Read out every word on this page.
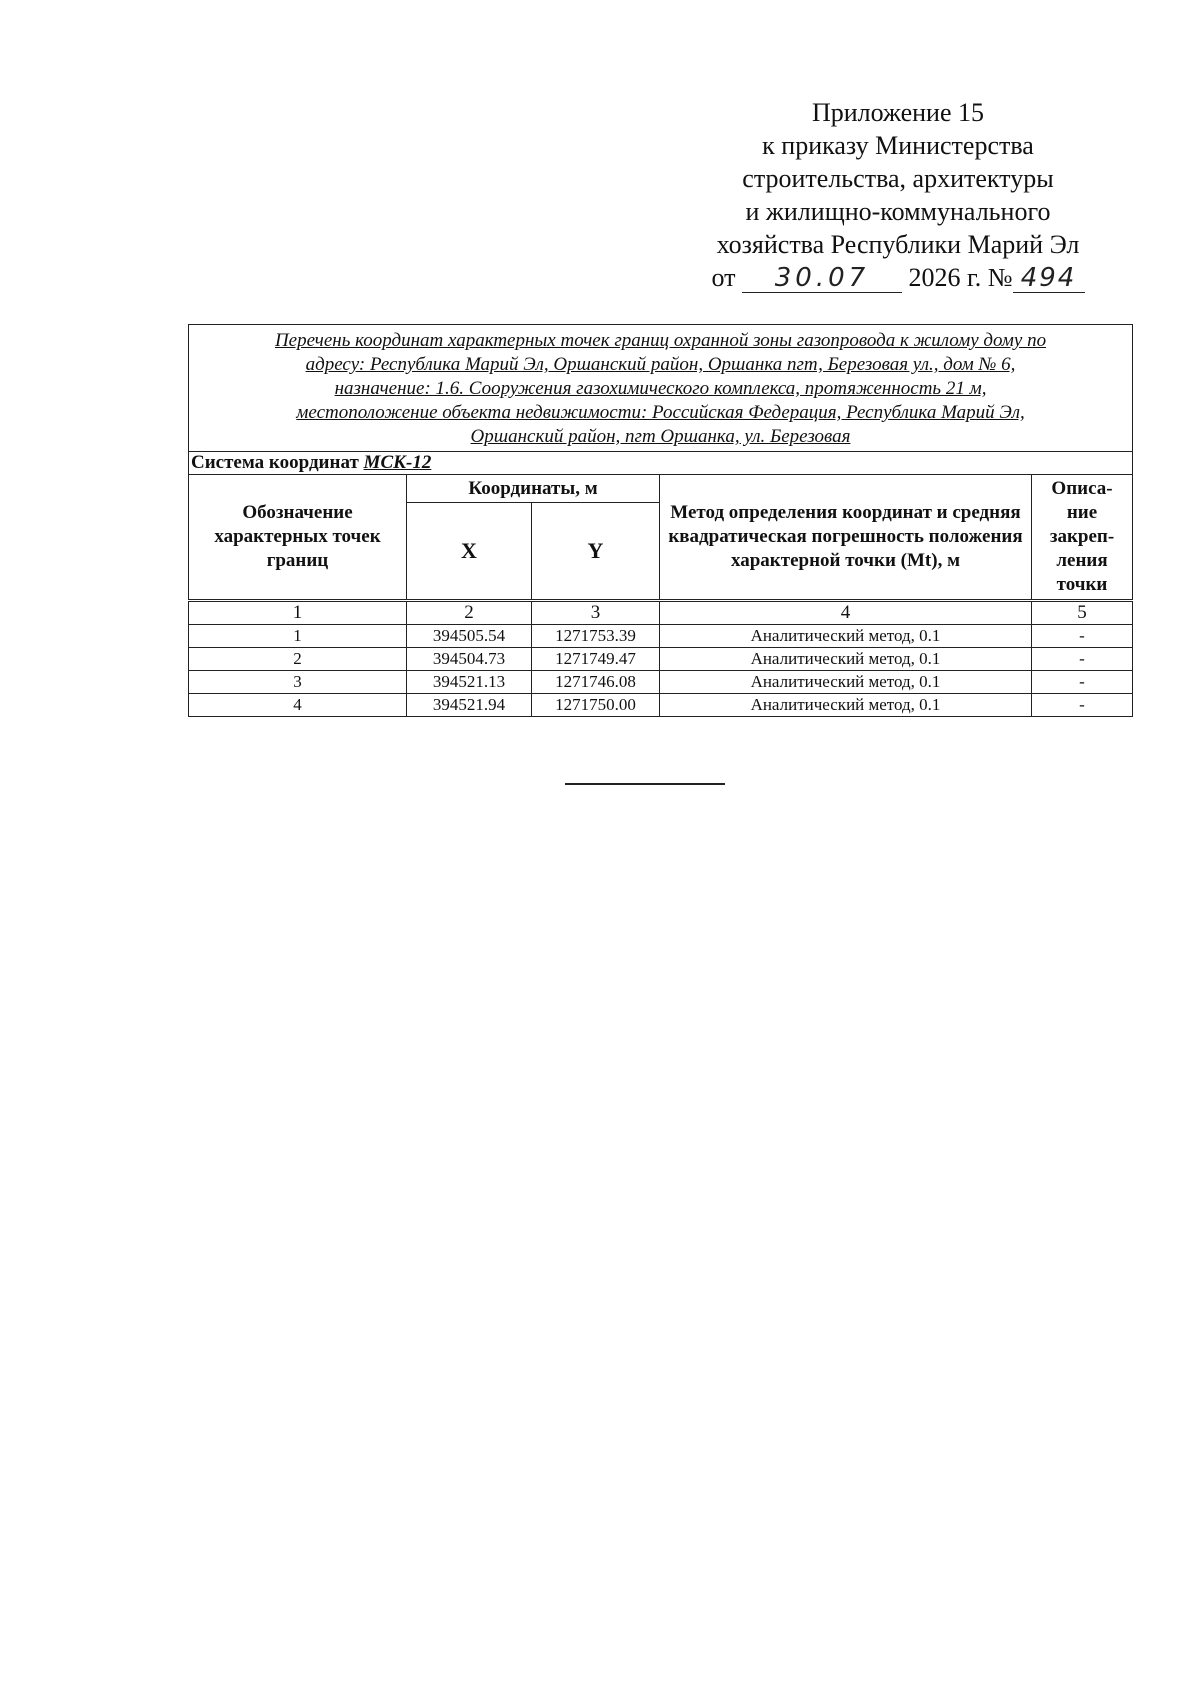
Приложение 15
к приказу Министерства
строительства, архитектуры
и жилищно-коммунального
хозяйства Республики Марий Эл
от 30.07 2026 г. № 494
Перечень координат характерных точек границ охранной зоны газопровода к жилому дому по
адресу: Республика Марий Эл, Оршанский район, Оршанка пгт, Березовая ул., дом № 6,
назначение: 1.6. Сооружения газохимического комплекса, протяженность 21 м,
местоположение объекта недвижимости: Российская Федерация, Республика Марий Эл,
Оршанский район, пгт Оршанка, ул. Березовая				

Система координат МСК-12				
Обозначение характерных точек границ	Координаты, м		Метод определения координат и средняя квадратическая погрешность положения характерной точки (Mt), м	Описа-
ние
закреп-
ления
точки

	X	Y		
1	2	3	4	5
1	394505.54	1271753.39	Аналитический метод, 0.1	-
2	394504.73	1271749.47	Аналитический метод, 0.1	-
3	394521.13	1271746.08	Аналитический метод, 0.1	-
4	394521.94	1271750.00	Аналитический метод, 0.1	-
